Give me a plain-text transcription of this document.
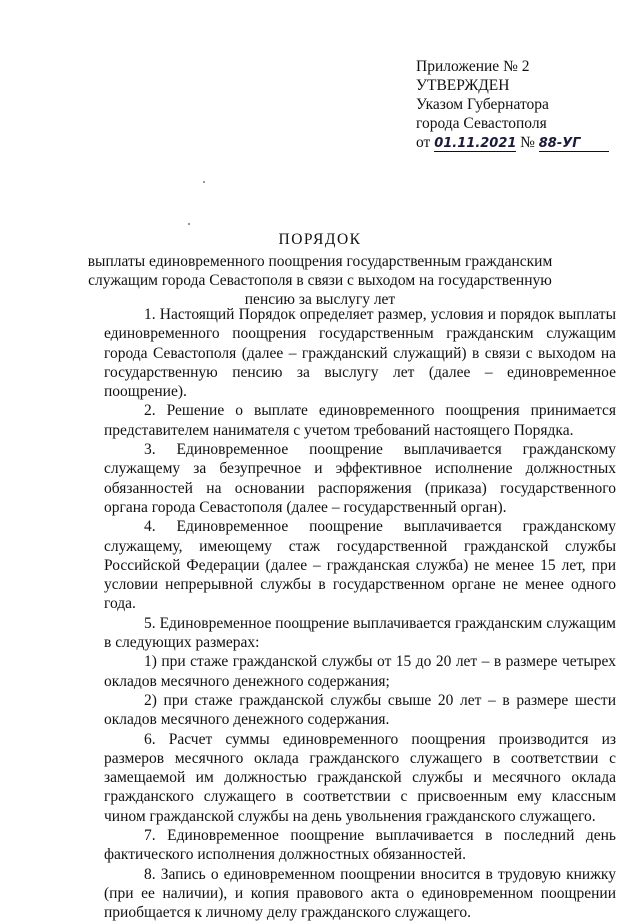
Приложение № 2
УТВЕРЖДЕН
Указом Губернатора
города Севастополя
от 01.11.2021 № 88-УГ
ПОРЯДОК
выплаты единовременного поощрения государственным гражданским
служащим города Севастополя в связи с выходом на государственную
пенсию за выслугу лет

1. Настоящий Порядок определяет размер, условия и порядок выплаты единовременного поощрения государственным гражданским служащим города Севастополя (далее – гражданский служащий) в связи с выходом на государственную пенсию за выслугу лет (далее – единовременное поощрение).

2. Решение о выплате единовременного поощрения принимается представителем нанимателя с учетом требований настоящего Порядка.

3. Единовременное поощрение выплачивается гражданскому служащему за безупречное и эффективное исполнение должностных обязанностей на основании распоряжения (приказа) государственного органа города Севастополя (далее – государственный орган).

4. Единовременное поощрение выплачивается гражданскому служащему, имеющему стаж государственной гражданской службы Российской Федерации (далее – гражданская служба) не менее 15 лет, при условии непрерывной службы в государственном органе не менее одного года.

5. Единовременное поощрение выплачивается гражданским служащим в следующих размерах:

1) при стаже гражданской службы от 15 до 20 лет – в размере четырех окладов месячного денежного содержания;

2) при стаже гражданской службы свыше 20 лет – в размере шести окладов месячного денежного содержания.

6. Расчет суммы единовременного поощрения производится из размеров месячного оклада гражданского служащего в соответствии с замещаемой им должностью гражданской службы и месячного оклада гражданского служащего в соответствии с присвоенным ему классным чином гражданской службы на день увольнения гражданского служащего.

7. Единовременное поощрение выплачивается в последний день фактического исполнения должностных обязанностей.

8. Запись о единовременном поощрении вносится в трудовую книжку (при ее наличии), и копия правового акта о единовременном поощрении приобщается к личному делу гражданского служащего.
